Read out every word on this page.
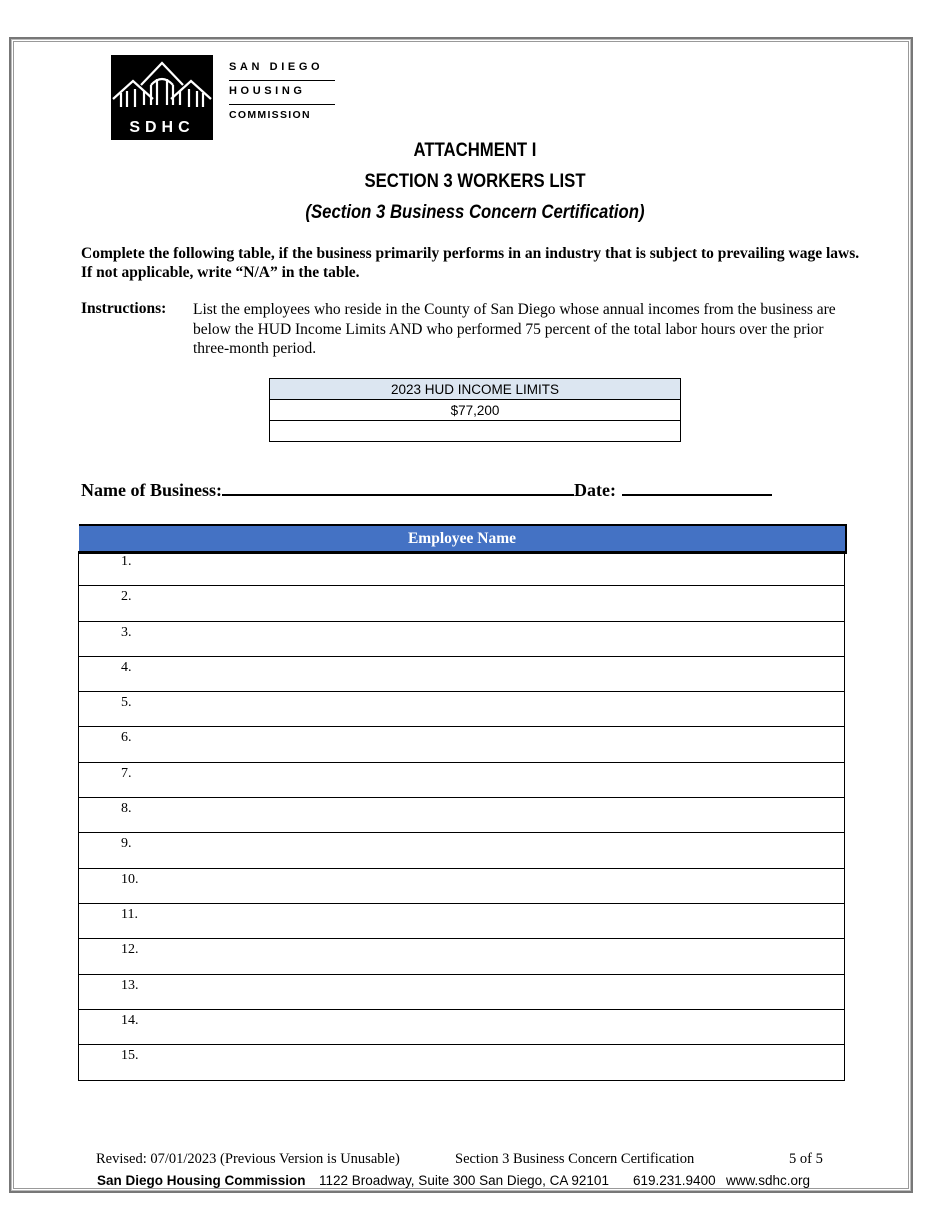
SDHC
SAN DIEGO
HOUSING
COMMISSION
ATTACHMENT I
SECTION 3 WORKERS LIST
(Section 3 Business Concern Certification)
Complete the following table, if the business primarily performs in an industry that is subject to prevailing wage laws. If not applicable, write “N/A” in the table.
Instructions: List the employees who reside in the County of San Diego whose annual incomes from the business are below the HUD Income Limits AND who performed 75 percent of the total labor hours over the prior three-month period.
2023 HUD INCOME LIMITS
$77,200

Name of Business:	Date:
Employee Name
1.
2.
3.
4.
5.
6.
7.
8.
9.
10.
11.
12.
13.
14.
15.
Revised: 07/01/2023 (Previous Version is Unusable)	Section 3 Business Concern Certification	5 of 5
San Diego Housing Commission 1122 Broadway, Suite 300 San Diego, CA 92101 619.231.9400 www.sdhc.org
